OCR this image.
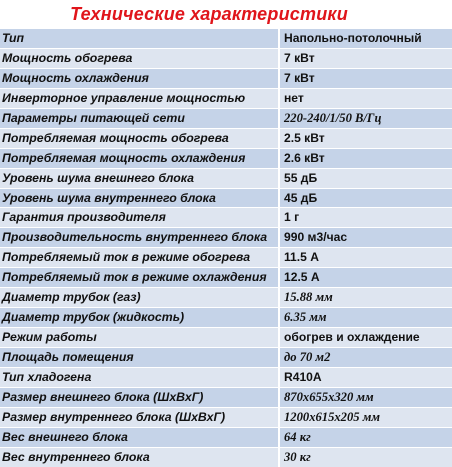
Технические характеристики
Тип	Напольно-потолочный
Мощность обогрева	7 кВт
Мощность охлаждения	7 кВт
Инверторное управление мощностью	нет
Параметры питающей сети	220-240/1/50 В/Гц
Потребляемая мощность обогрева	2.5 кВт
Потребляемая мощность охлаждения	2.6 кВт
Уровень шума внешнего блока	55 дБ
Уровень шума внутреннего блока	45 дБ
Гарантия производителя	1 г
Производительность внутреннего блока	990 м3/час
Потребляемый ток в режиме обогрева	11.5 А
Потребляемый ток в режиме охлаждения	12.5 А
Диаметр трубок (газ)	15.88 мм
Диаметр трубок (жидкость)	6.35 мм
Режим работы	обогрев и охлаждение
Площадь помещения	до 70 м2
Тип хладогена	R410A
Размер внешнего блока (ШхВхГ)	870х655х320 мм
Размер внутреннего блока (ШхВхГ)	1200х615х205 мм
Вес внешнего блока	64 кг
Вес внутреннего блока	30 кг
